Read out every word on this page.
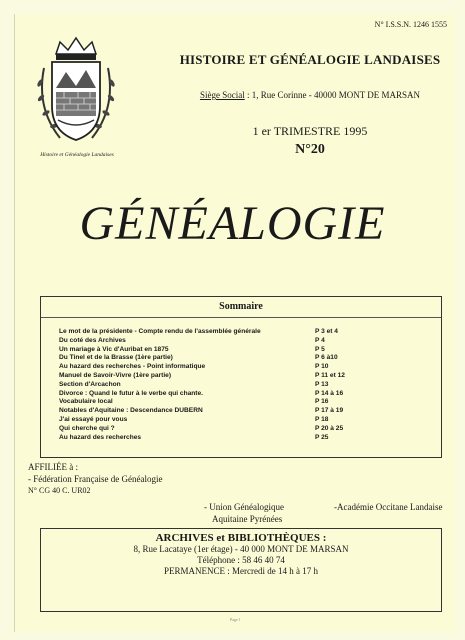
N° I.S.S.N. 1246 1555
Histoire et Généalogie Landaises
HISTOIRE ET GÉNÉALOGIE LANDAISES
Siège Social : 1, Rue Corinne - 40000 MONT DE MARSAN
1 er TRIMESTRE 1995
N°20
GÉNÉALOGIE
Sommaire
Le mot de la présidente - Compte rendu de l'assemblée générale	P 3 et 4
Du coté des Archives	P 4
Un mariage à Vic d'Auribat en 1875	P 5
Du Tinel et de la Brasse (1ère partie)	P 6 à10
Au hazard des recherches - Point informatique	P 10
Manuel de Savoir-Vivre (1ère partie)	P 11 et 12
Section d'Arcachon	P 13
Divorce : Quand le futur à le verbe qui chante.	P 14 à 16
Vocabulaire local	P 16
Notables d'Aquitaine : Descendance DUBERN	P 17 à 19
J'ai essayé pour vous	P 18
Qui cherche qui ?	P 20 à 25
Au hazard des recherches	P 25
AFFILIÉE à :
- Fédération Française de Généalogie
N° CG 40 C. UR02
- Union Généalogique
Aquitaine Pyrénées
-Académie Occitane Landaise
ARCHIVES et BIBLIOTHÈQUES :
8, Rue Lacataye (1er étage) - 40 000 MONT DE MARSAN
Téléphone : 58 46 40 74
PERMANENCE : Mercredi de 14 h à 17 h
Page 1
